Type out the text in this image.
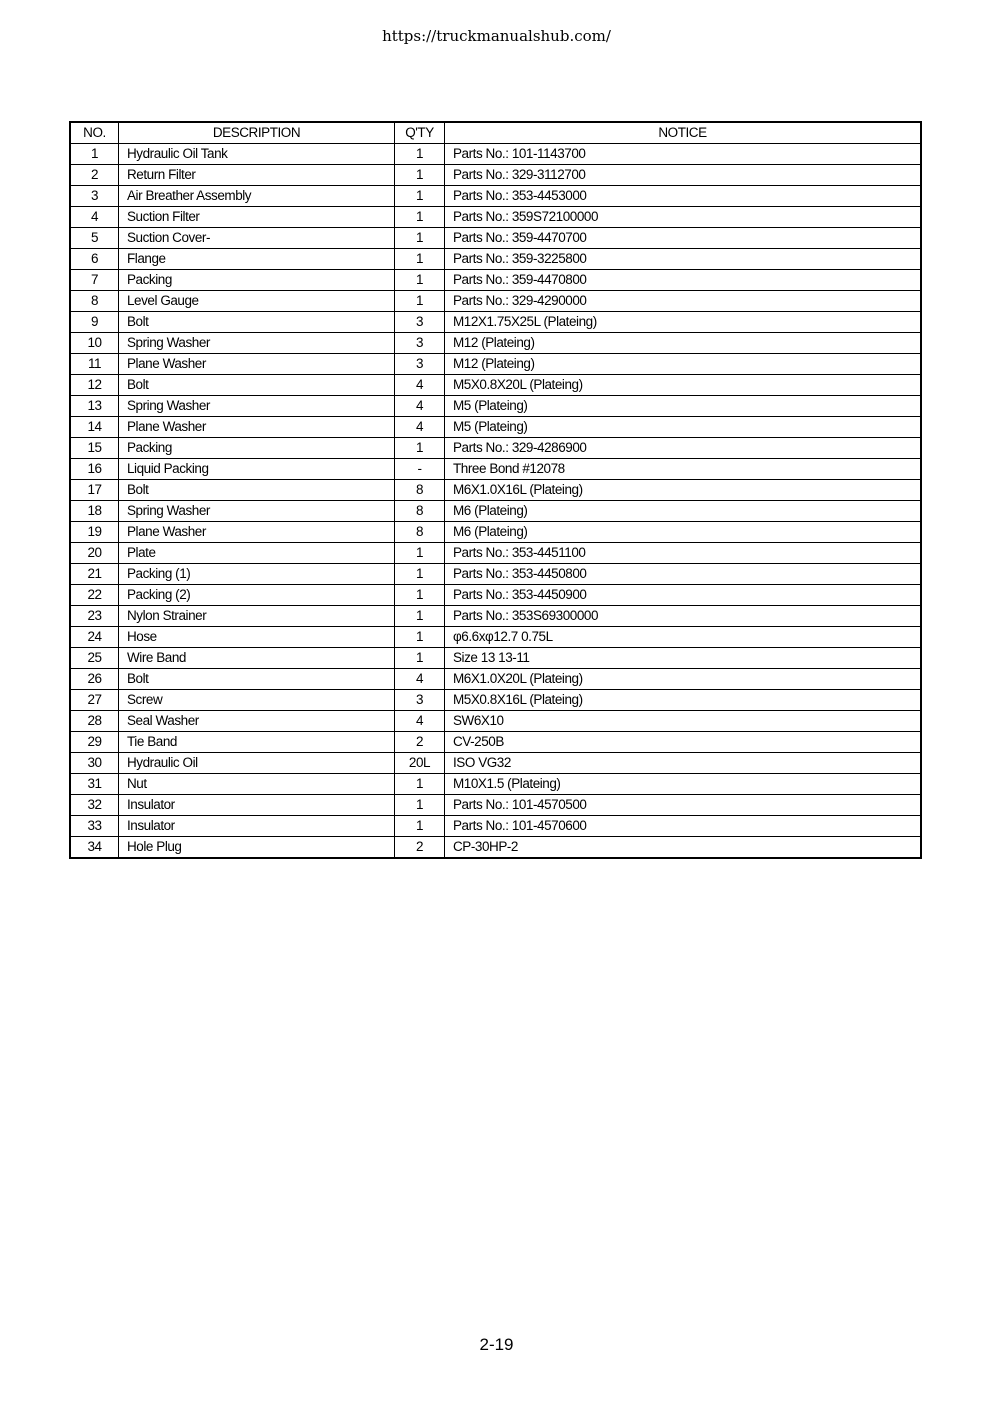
https://truckmanualshub.com/
NO.	DESCRIPTION	Q'TY	NOTICE
1	Hydraulic Oil Tank	1	Parts No.: 101-1143700
2	Return Filter	1	Parts No.: 329-3112700
3	Air Breather Assembly	1	Parts No.: 353-4453000
4	Suction Filter	1	Parts No.: 359S72100000
5	Suction Cover-	1	Parts No.: 359-4470700
6	Flange	1	Parts No.: 359-3225800
7	Packing	1	Parts No.: 359-4470800
8	Level Gauge	1	Parts No.: 329-4290000
9	Bolt	3	M12X1.75X25L (Plateing)
10	Spring Washer	3	M12 (Plateing)
11	Plane Washer	3	M12 (Plateing)
12	Bolt	4	M5X0.8X20L (Plateing)
13	Spring Washer	4	M5 (Plateing)
14	Plane Washer	4	M5 (Plateing)
15	Packing	1	Parts No.: 329-4286900
16	Liquid Packing	-	Three Bond #12078
17	Bolt	8	M6X1.0X16L (Plateing)
18	Spring Washer	8	M6 (Plateing)
19	Plane Washer	8	M6 (Plateing)
20	Plate	1	Parts No.: 353-4451100
21	Packing (1)	1	Parts No.: 353-4450800
22	Packing (2)	1	Parts No.: 353-4450900
23	Nylon Strainer	1	Parts No.: 353S69300000
24	Hose	1	φ6.6xφ12.7 0.75L
25	Wire Band	1	Size 13 13-11
26	Bolt	4	M6X1.0X20L (Plateing)
27	Screw	3	M5X0.8X16L (Plateing)
28	Seal Washer	4	SW6X10
29	Tie Band	2	CV-250B
30	Hydraulic Oil	20L	ISO VG32
31	Nut	1	M10X1.5 (Plateing)
32	Insulator	1	Parts No.: 101-4570500
33	Insulator	1	Parts No.: 101-4570600
34	Hole Plug	2	CP-30HP-2
2-19
